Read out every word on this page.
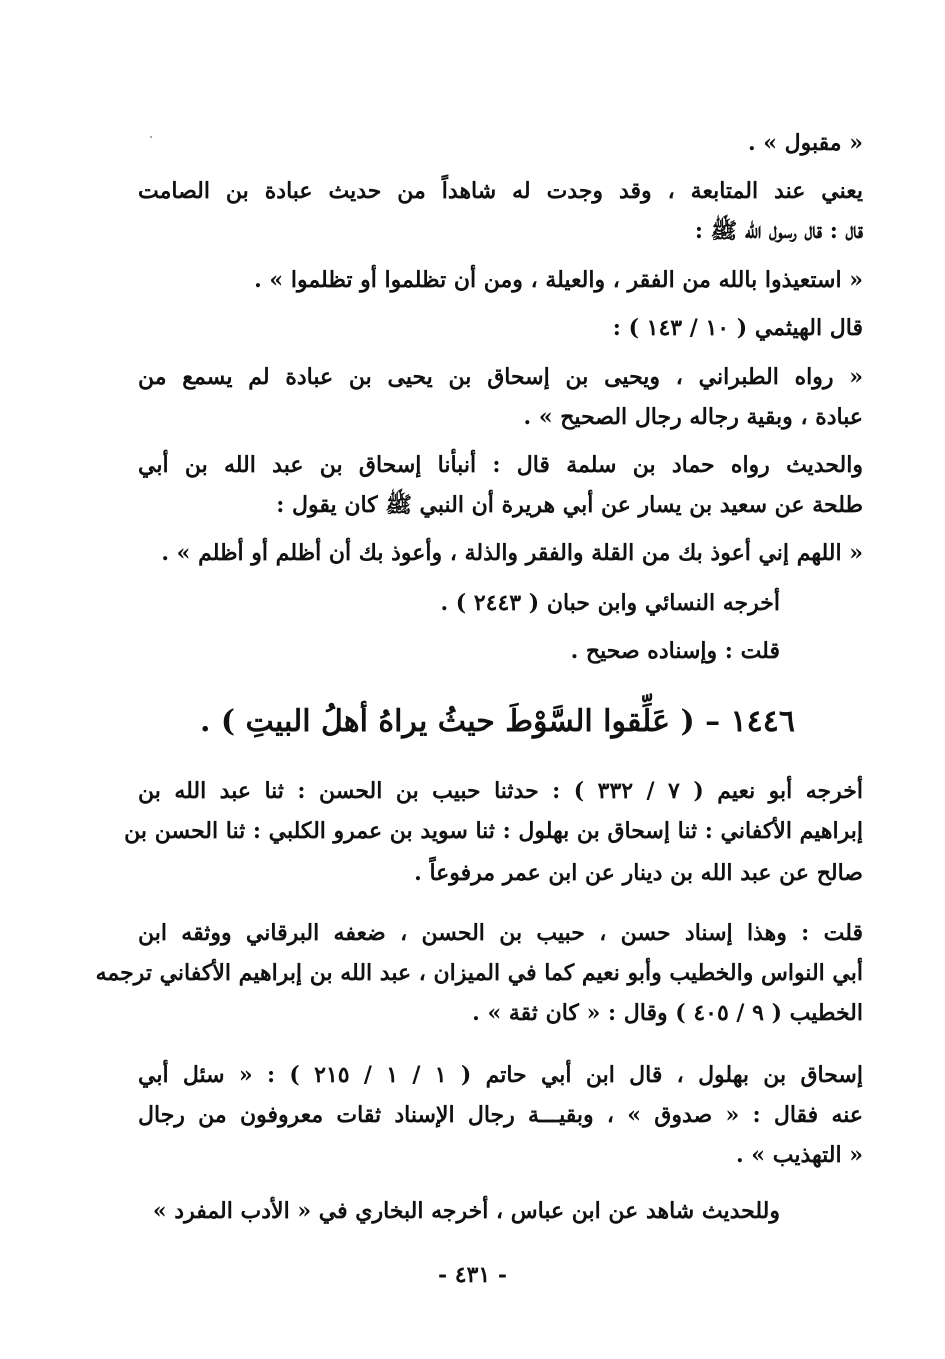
« مقبول » .
يعني عند المتابعة ، وقد وجدت له شاهداً من حديث عبادة بن الصامت
قال : قال رسول الله ﷺ :
« استعيذوا بالله من الفقر ، والعيلة ، ومن أن تظلموا أو تظلموا » .
قال الهيثمي ( ١٠ / ١٤٣ ) :
« رواه الطبراني ، ويحيى بن إسحاق بن يحيى بن عبادة لم يسمع من
عبادة ، وبقية رجاله رجال الصحيح » .
والحديث رواه حماد بن سلمة قال : أنبأنا إسحاق بن عبد الله بن أبي
طلحة عن سعيد بن يسار عن أبي هريرة أن النبي ﷺ كان يقول :
« اللهم إني أعوذ بك من القلة والفقر والذلة ، وأعوذ بك أن أظلم أو أظلم » .
أخرجه النسائي وابن حبان ( ٢٤٤٣ ) .
قلت : وإسناده صحيح .
١٤٤٦ – ( عَلِّقوا السَّوْطَ حيثُ يراهُ أهلُ البيتِ ) .
أخرجه أبو نعيم ( ٧ / ٣٣٢ ) : حدثنا حبيب بن الحسن : ثنا عبد الله بن
إبراهيم الأكفاني : ثنا إسحاق بن بهلول : ثنا سويد بن عمرو الكلبي : ثنا الحسن بن
صالح عن عبد الله بن دينار عن ابن عمر مرفوعاً .
قلت : وهذا إسناد حسن ، حبيب بن الحسن ، ضعفه البرقاني ووثقه ابن
أبي النواس والخطيب وأبو نعيم كما في الميزان ، عبد الله بن إبراهيم الأكفاني ترجمه
الخطيب ( ٩ / ٤٠٥ ) وقال : « كان ثقة » .
إسحاق بن بهلول ، قال ابن أبي حاتم ( ١ / ١ / ٢١٥ ) : « سئل أبي
عنه فقال : « صدوق » ، وبقيـــة رجال الإسناد ثقات معروفون من رجال
« التهذيب » .
وللحديث شاهد عن ابن عباس ، أخرجه البخاري في « الأدب المفرد »
- ٤٣١ -
